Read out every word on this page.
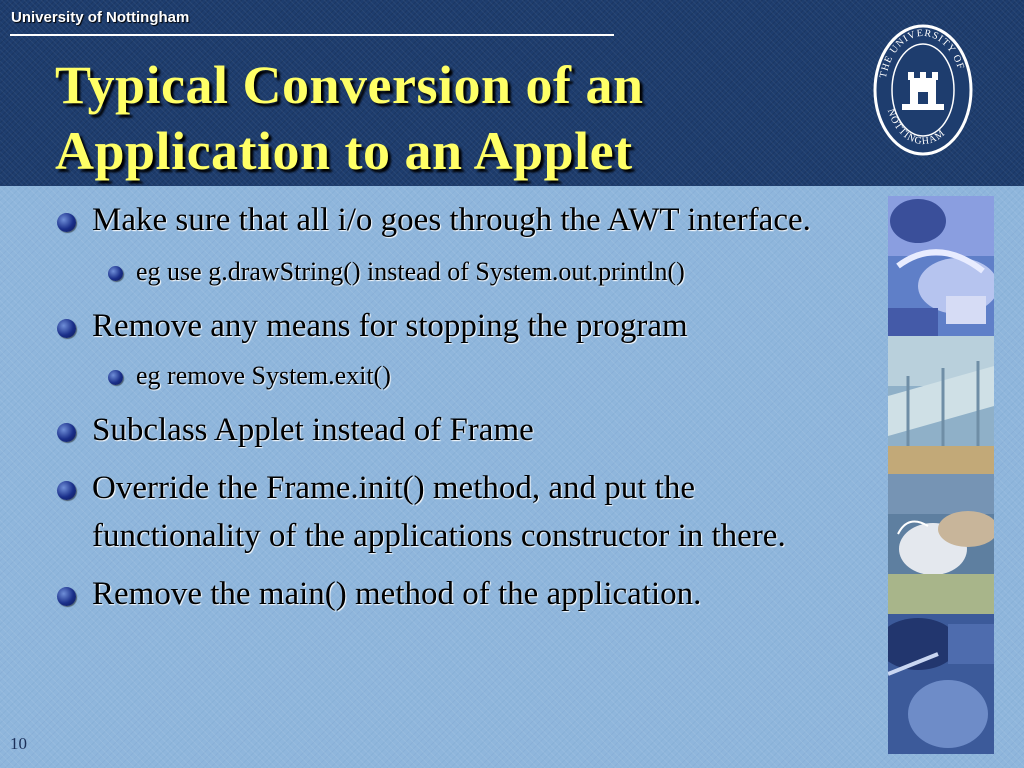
University of Nottingham
Typical Conversion of an Application to an Applet
THE UNIVERSITY OF
NOTTINGHAM
Make sure that all i/o goes through the AWT interface.
eg use g.drawString() instead of System.out.println()
Remove any means for stopping the program
eg remove System.exit()
Subclass Applet instead of Frame
Override the Frame.init() method, and put the functionality of the applications constructor in there.
Remove the main() method of the application.
10
